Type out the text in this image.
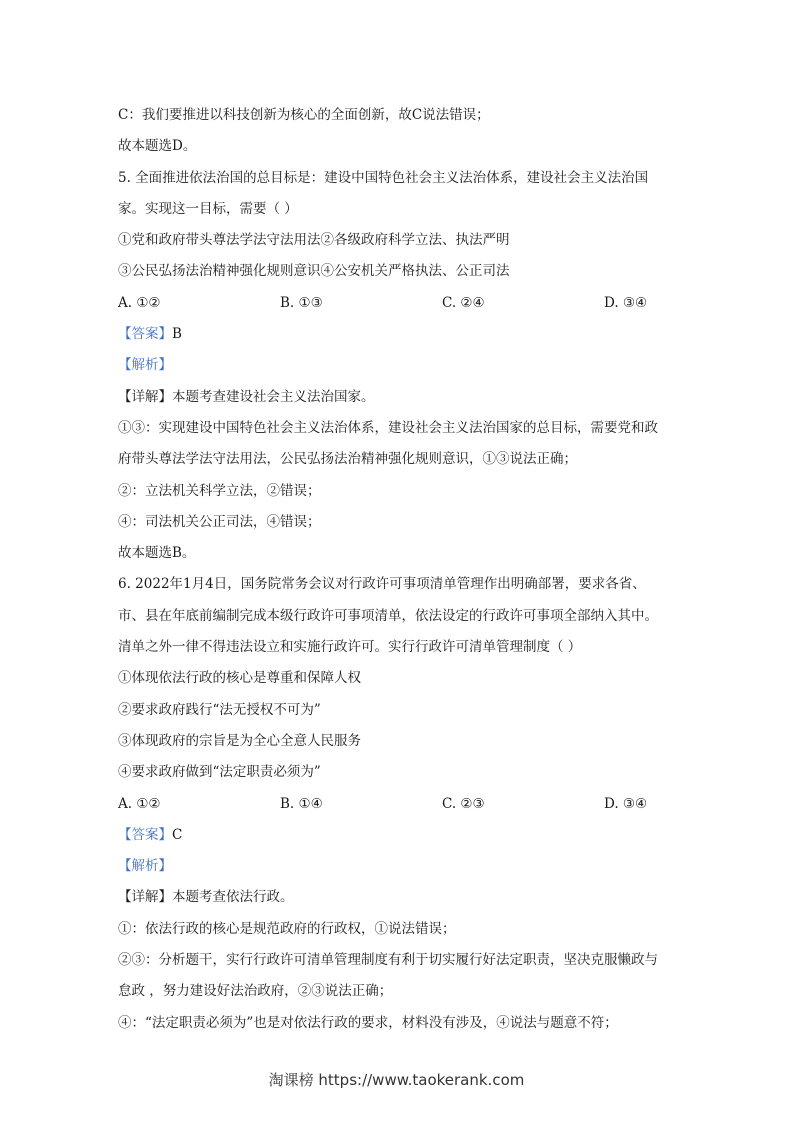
C：我们要推进以科技创新为核心的全面创新，故C说法错误；

故本题选D。

5. 全面推进依法治国的总目标是：建设中国特色社会主义法治体系，建设社会主义法治国

家。实现这一目标，需要（ ）

①党和政府带头尊法学法守法用法②各级政府科学立法、执法严明

③公民弘扬法治精神强化规则意识④公安机关严格执法、公正司法

A. ①②	B. ①③	C. ②④	D. ③④

【答案】B

【解析】

【详解】本题考查建设社会主义法治国家。

①③：实现建设中国特色社会主义法治体系，建设社会主义法治国家的总目标，需要党和政

府带头尊法学法守法用法，公民弘扬法治精神强化规则意识，①③说法正确；

②：立法机关科学立法，②错误；

④：司法机关公正司法，④错误；

故本题选B。

6. 2022年1月4日，国务院常务会议对行政许可事项清单管理作出明确部署，要求各省、

市、县在年底前编制完成本级行政许可事项清单，依法设定的行政许可事项全部纳入其中。

清单之外一律不得违法设立和实施行政许可。实行行政许可清单管理制度（ ）

①体现依法行政的核心是尊重和保障人权

②要求政府践行“法无授权不可为”

③体现政府的宗旨是为全心全意人民服务

④要求政府做到“法定职责必须为”

A. ①②	B. ①④	C. ②③	D. ③④

【答案】C

【解析】

【详解】本题考查依法行政。

①：依法行政的核心是规范政府的行政权，①说法错误；

②③：分析题干，实行行政许可清单管理制度有利于切实履行好法定职责，坚决克服懒政与

怠政 ，努力建设好法治政府，②③说法正确；

④：“法定职责必须为”也是对依法行政的要求，材料没有涉及，④说法与题意不符；

淘课榜 https://www.taokerank.com
